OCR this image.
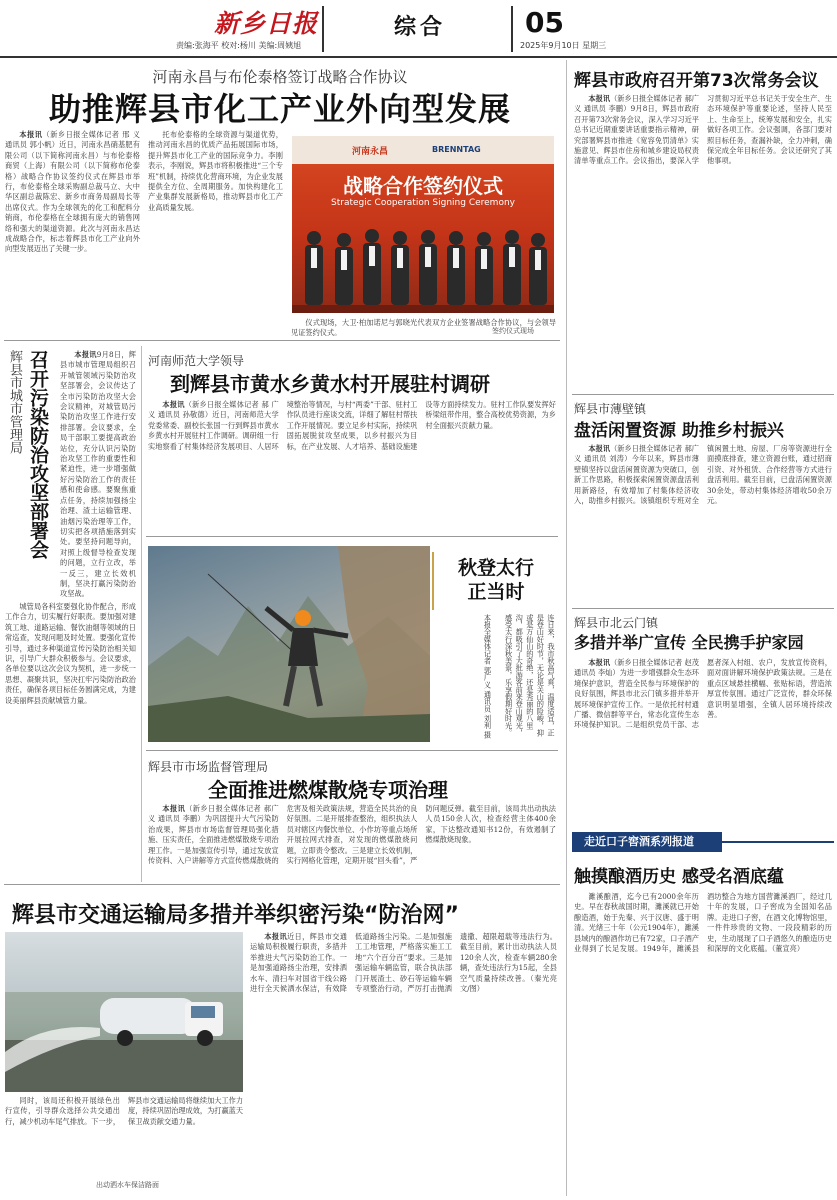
新乡日报
责编:张海平 校对:杨川 美编:周姨旭
综合	05
2025年9月10日 星期三
河南永昌与布伦泰格签订战略合作协议
助推辉县市化工产业外向型发展

本报讯（新乡日报全媒体记者 邢 义 通讯员 郭小帆）近日，河南永昌硝基肥有限公司（以下简称河南永昌）与布伦泰格商贸（上海）有限公司（以下简称布伦泰格）战略合作协议签约仪式在辉县市举行，布伦泰格全球采购副总裁马立、大中华区副总裁陈宏、新乡市商务局副局长等出席仪式。作为全球领先的化工和配料分销商，布伦泰格在全球拥有庞大的销售网络和强大的渠道资源。此次与河南永昌达成战略合作，标志着辉县市化工产业向外向型发展迈出了关键一步。

托布伦泰格的全球资源与渠道优势，推动河南永昌的优质产品拓展国际市场，提升辉县市化工产业的国际竞争力。李刚表示，李刚说，辉县市将积极推进“三个专班”机制，持续优化营商环境，为企业发展提供全方位、全周期服务。加快构建化工产业集群发展新格局，推动辉县市化工产业高质量发展。

仪式现场，大卫·柏加诺尼与郭晓光代表双方企业签署战略合作协议，与会领导见证签约仪式。

河南永昌	BRENNTAG
战略合作签约仪式
Strategic Cooperation Signing Ceremony
签约仪式现场
辉县市城市管理局 召开污染防治攻坚部署会	本报讯9月8日，辉县市城市管理局组织召开城管领域污染防治攻坚部署会，会议传达了全市污染防治攻坚大会会议精神，对城管局污染防治攻坚工作进行安排部署。会议要求，全局干部职工要提高政治站位，充分认识污染防治攻坚工作的重要性和紧迫性，进一步增强做好污染防治工作的责任感和使命感。要聚焦重点任务，持续加强扬尘治理、渣土运输管理、油烟污染治理等工作，切实把各项措施落到实处。要坚持问题导向，对照上级督导检查发现的问题，立行立改，举一反三，建立长效机制，坚决打赢污染防治攻坚战。

城管局各科室要强化协作配合，形成工作合力，切实履行好职责。要加强对建筑工地、道路运输、餐饮油烟等领域的日常巡查，发现问题及时处置。要强化宣传引导，通过多种渠道宣传污染防治相关知识，引导广大群众积极参与。会议要求，各单位要以这次会议为契机，进一步统一思想、凝聚共识，坚决扛牢污染防治政治责任，确保各项目标任务圆满完成，为建设美丽辉县贡献城管力量。

河南师范大学领导
到辉县市黄水乡黄水村开展驻村调研

本报讯（新乡日报全媒体记者 郝 广义 通讯员 孙敬德）近日，河南师范大学党委常委、副校长张国一行到辉县市黄水乡黄水村开展驻村工作调研。调研组一行实地察看了村集体经济发展项目、人居环境整治等情况，与村“两委”干部、驻村工作队员进行座谈交流，详细了解驻村帮扶工作开展情况。要立足乡村实际，持续巩固拓展脱贫攻坚成果，以乡村振兴为目标，在产业发展、人才培养、基础设施建设等方面持续发力。驻村工作队要发挥好桥梁纽带作用，整合高校优势资源，为乡村全面振兴贡献力量。

秋登太行正当时
连日来，我市秋高气爽，温度适宜，正是登山好时节，无论是关山的险峻，抑或是万仙山的奇绝，还是秀丽的八里沟，都吸引了大批游客前来登山观光，感受太行深秋美景，乐享假期好时光。

本报全媒体记者 郭广义 通讯员 刘利 摄
辉县市市场监督管理局
全面推进燃煤散烧专项治理

本报讯（新乡日报全媒体记者 郝广义 通讯员 李鹏）为巩固提升大气污染防治成果，辉县市市场监督管理局强化措施、压实责任，全面推进燃煤散烧专项治理工作。一是加强宣传引导，通过发放宣传资料、入户讲解等方式宣传燃煤散烧的危害及相关政策法规，营造全民共治的良好氛围。二是开展排查整治，组织执法人员对辖区内餐饮单位、小作坊等重点场所开展拉网式排查，对发现的燃煤散烧问题，立即责令整改。三是建立长效机制，实行网格化管理，定期开展“回头看”，严防问题反弹。截至目前，该局共出动执法人员150余人次，检查经营主体400余家，下达整改通知书12份，有效遏制了燃煤散烧现象。

辉县市交通运输局多措并举织密污染“防治网”
出动洒水车保洁路面

本报讯近日，辉县市交通运输局积极履行职责，多措并举推进大气污染防治工作。一是加强道路扬尘治理，安排洒水车、清扫车对国省干线公路进行全天候洒水保洁，有效降低道路扬尘污染。二是加强施工工地管理，严格落实施工工地“六个百分百”要求。三是加强运输车辆监管，联合执法部门开展渣土、砂石等运输车辆专项整治行动，严厉打击抛洒遗撒、超限超载等违法行为。截至目前，累计出动执法人员120余人次，检查车辆280余辆，查处违法行为15起，全县空气质量持续改善。（秦光亮 文/图）

同时，该局还积极开展绿色出行宣传，引导群众选择公共交通出行，减少机动车尾气排放。下一步，辉县市交通运输局将继续加大工作力度，持续巩固治理成效，为打赢蓝天保卫战贡献交通力量。

辉县市政府召开第73次常务会议

本报讯（新乡日报全媒体记者 郝广义 通讯员 李鹏）9月8日，辉县市政府召开第73次常务会议，深入学习习近平总书记近期重要讲话重要指示精神，研究部署辉县市推进《宽容免罚清单》实施意见、辉县市住房和城乡建设局权责清单等重点工作。会议指出，要深入学习贯彻习近平总书记关于安全生产、生态环境保护等重要论述，坚持人民至上、生命至上，统筹发展和安全，扎实做好各项工作。会议强调，各部门要对照目标任务，查漏补缺，全力冲刺，确保完成全年目标任务。会议还研究了其他事项。

辉县市薄壁镇
盘活闲置资源 助推乡村振兴

本报讯（新乡日报全媒体记者 郝广义 通讯员 刘涛）今年以来，辉县市薄壁镇坚持以盘活闲置资源为突破口，创新工作思路，积极探索闲置资源盘活利用新路径，有效增加了村集体经济收入，助推乡村振兴。该镇组织专班对全镇闲置土地、房屋、厂房等资源进行全面摸底排查，建立资源台账，通过招商引资、对外租赁、合作经营等方式进行盘活利用。截至目前，已盘活闲置资源30余处，带动村集体经济增收50余万元。

辉县市北云门镇
多措并举广宣传 全民携手护家园

本报讯（新乡日报全媒体记者 赵茂 通讯员 李灿）为进一步增强群众生态环境保护意识，营造全民参与环境保护的良好氛围，辉县市北云门镇多措并举开展环境保护宣传工作。一是依托村村通广播、微信群等平台，常态化宣传生态环境保护知识。二是组织党员干部、志愿者深入村组、农户，发放宣传资料，面对面讲解环境保护政策法规。三是在重点区域悬挂横幅、张贴标语，营造浓厚宣传氛围。通过广泛宣传，群众环保意识明显增强，全镇人居环境持续改善。

走近口子窖酒系列报道
触摸酿酒历史 感受名酒底蕴

濉溪酿酒，迄今已有2000余年历史。早在春秋战国时期，濉溪就已开始酿造酒，始于先秦、兴于汉唐、盛于明清。光绪三十年（公元1904年），濉溪县域内的酿酒作坊已有72家，口子酒产业得到了长足发展。1949年，濉溪县酒坊整合为地方国营濉溪酒厂，经过几十年的发展，口子窖成为全国知名品牌。走进口子窖，在酒文化博物馆里，一件件珍贵的文物、一段段精彩的历史，生动展现了口子酒悠久的酿造历史和深厚的文化底蕴。（董宣亮）
